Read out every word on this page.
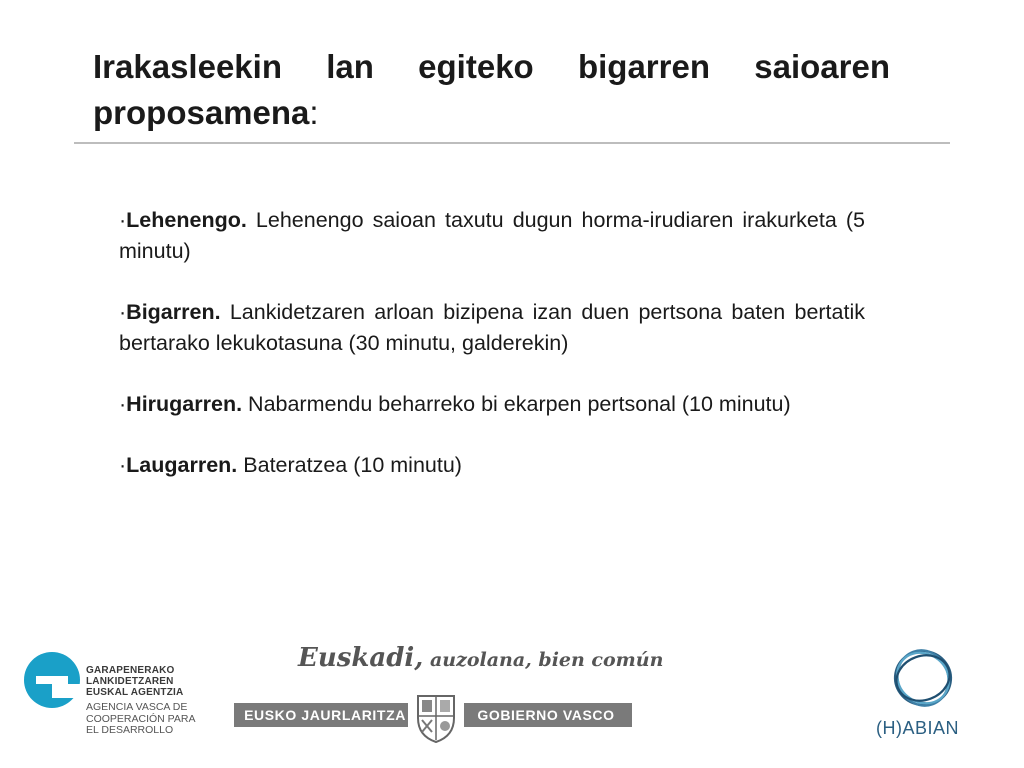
Irakasleekin lan egiteko bigarren saioaren proposamena:

·Lehenengo. Lehenengo saioan taxutu dugun horma-irudiaren irakurketa (5 minutu)

·Bigarren. Lankidetzaren arloan bizipena izan duen pertsona baten bertatik bertarako lekukotasuna (30 minutu, galderekin)

·Hirugarren. Nabarmendu beharreko bi ekarpen pertsonal (10 minutu)

·Laugarren. Bateratzea (10 minutu)

GARAPENERAKO
LANKIDETZAREN
EUSKAL AGENTZIA
AGENCIA VASCA DE
COOPERACIÓN PARA
EL DESARROLLO
Euskadi, auzolana, bien común
EUSKO JAURLARITZA	GOBIERNO VASCO
(H)ABIAN
